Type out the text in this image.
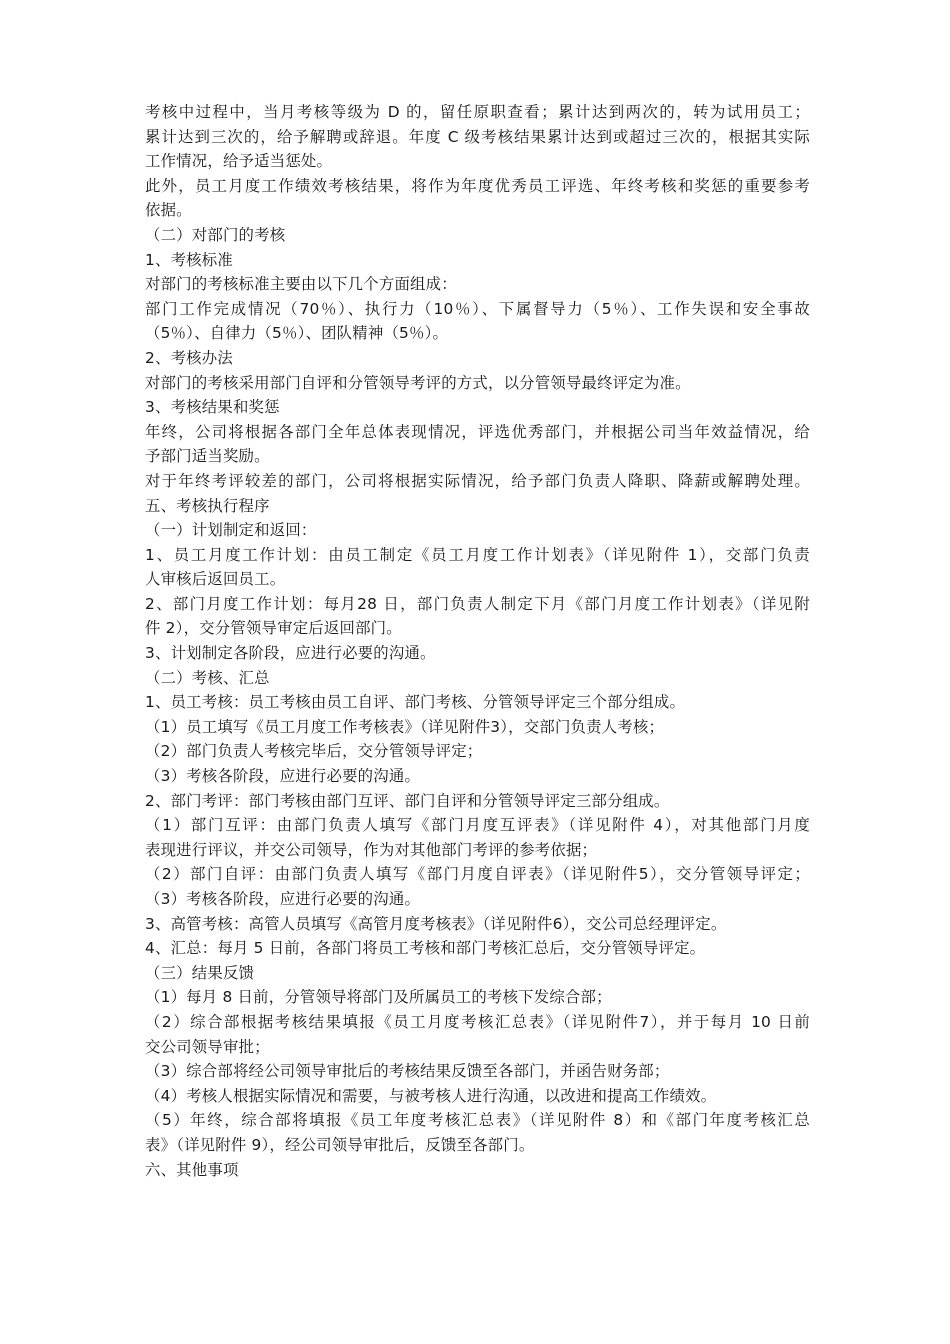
考核中过程中，当月考核等级为 D 的，留任原职查看；累计达到两次的，转为试用员工；
累计达到三次的，给予解聘或辞退。年度 C 级考核结果累计达到或超过三次的，根据其实际
工作情况，给予适当惩处。
此外，员工月度工作绩效考核结果，将作为年度优秀员工评选、年终考核和奖惩的重要参考
依据。
（二）对部门的考核
1、考核标准
对部门的考核标准主要由以下几个方面组成：
部门工作完成情况（70％）、执行力（10％）、下属督导力（5％）、工作失误和安全事故
（5％）、自律力（5％）、团队精神（5％）。
2、考核办法
对部门的考核采用部门自评和分管领导考评的方式，以分管领导最终评定为准。
3、考核结果和奖惩
年终，公司将根据各部门全年总体表现情况，评选优秀部门，并根据公司当年效益情况，给
予部门适当奖励。
对于年终考评较差的部门，公司将根据实际情况，给予部门负责人降职、降薪或解聘处理。
五、考核执行程序
（一）计划制定和返回：
1、员工月度工作计划：由员工制定《员工月度工作计划表》（详见附件 1），交部门负责
人审核后返回员工。
2、部门月度工作计划：每月28 日，部门负责人制定下月《部门月度工作计划表》（详见附
件 2），交分管领导审定后返回部门。
3、计划制定各阶段，应进行必要的沟通。
（二）考核、汇总
1、员工考核：员工考核由员工自评、部门考核、分管领导评定三个部分组成。
（1）员工填写《员工月度工作考核表》（详见附件3），交部门负责人考核；
（2）部门负责人考核完毕后，交分管领导评定；
（3）考核各阶段，应进行必要的沟通。
2、部门考评：部门考核由部门互评、部门自评和分管领导评定三部分组成。
（1）部门互评：由部门负责人填写《部门月度互评表》（详见附件 4），对其他部门月度
表现进行评议，并交公司领导，作为对其他部门考评的参考依据；
（2）部门自评：由部门负责人填写《部门月度自评表》（详见附件5），交分管领导评定；
（3）考核各阶段，应进行必要的沟通。
3、高管考核：高管人员填写《高管月度考核表》（详见附件6），交公司总经理评定。
4、汇总：每月 5 日前，各部门将员工考核和部门考核汇总后，交分管领导评定。
（三）结果反馈
（1）每月 8 日前，分管领导将部门及所属员工的考核下发综合部；
（2）综合部根据考核结果填报《员工月度考核汇总表》（详见附件7），并于每月 10 日前
交公司领导审批；
（3）综合部将经公司领导审批后的考核结果反馈至各部门，并函告财务部；
（4）考核人根据实际情况和需要，与被考核人进行沟通，以改进和提高工作绩效。
（5）年终，综合部将填报《员工年度考核汇总表》（详见附件 8）和《部门年度考核汇总
表》（详见附件 9），经公司领导审批后，反馈至各部门。
六、其他事项
